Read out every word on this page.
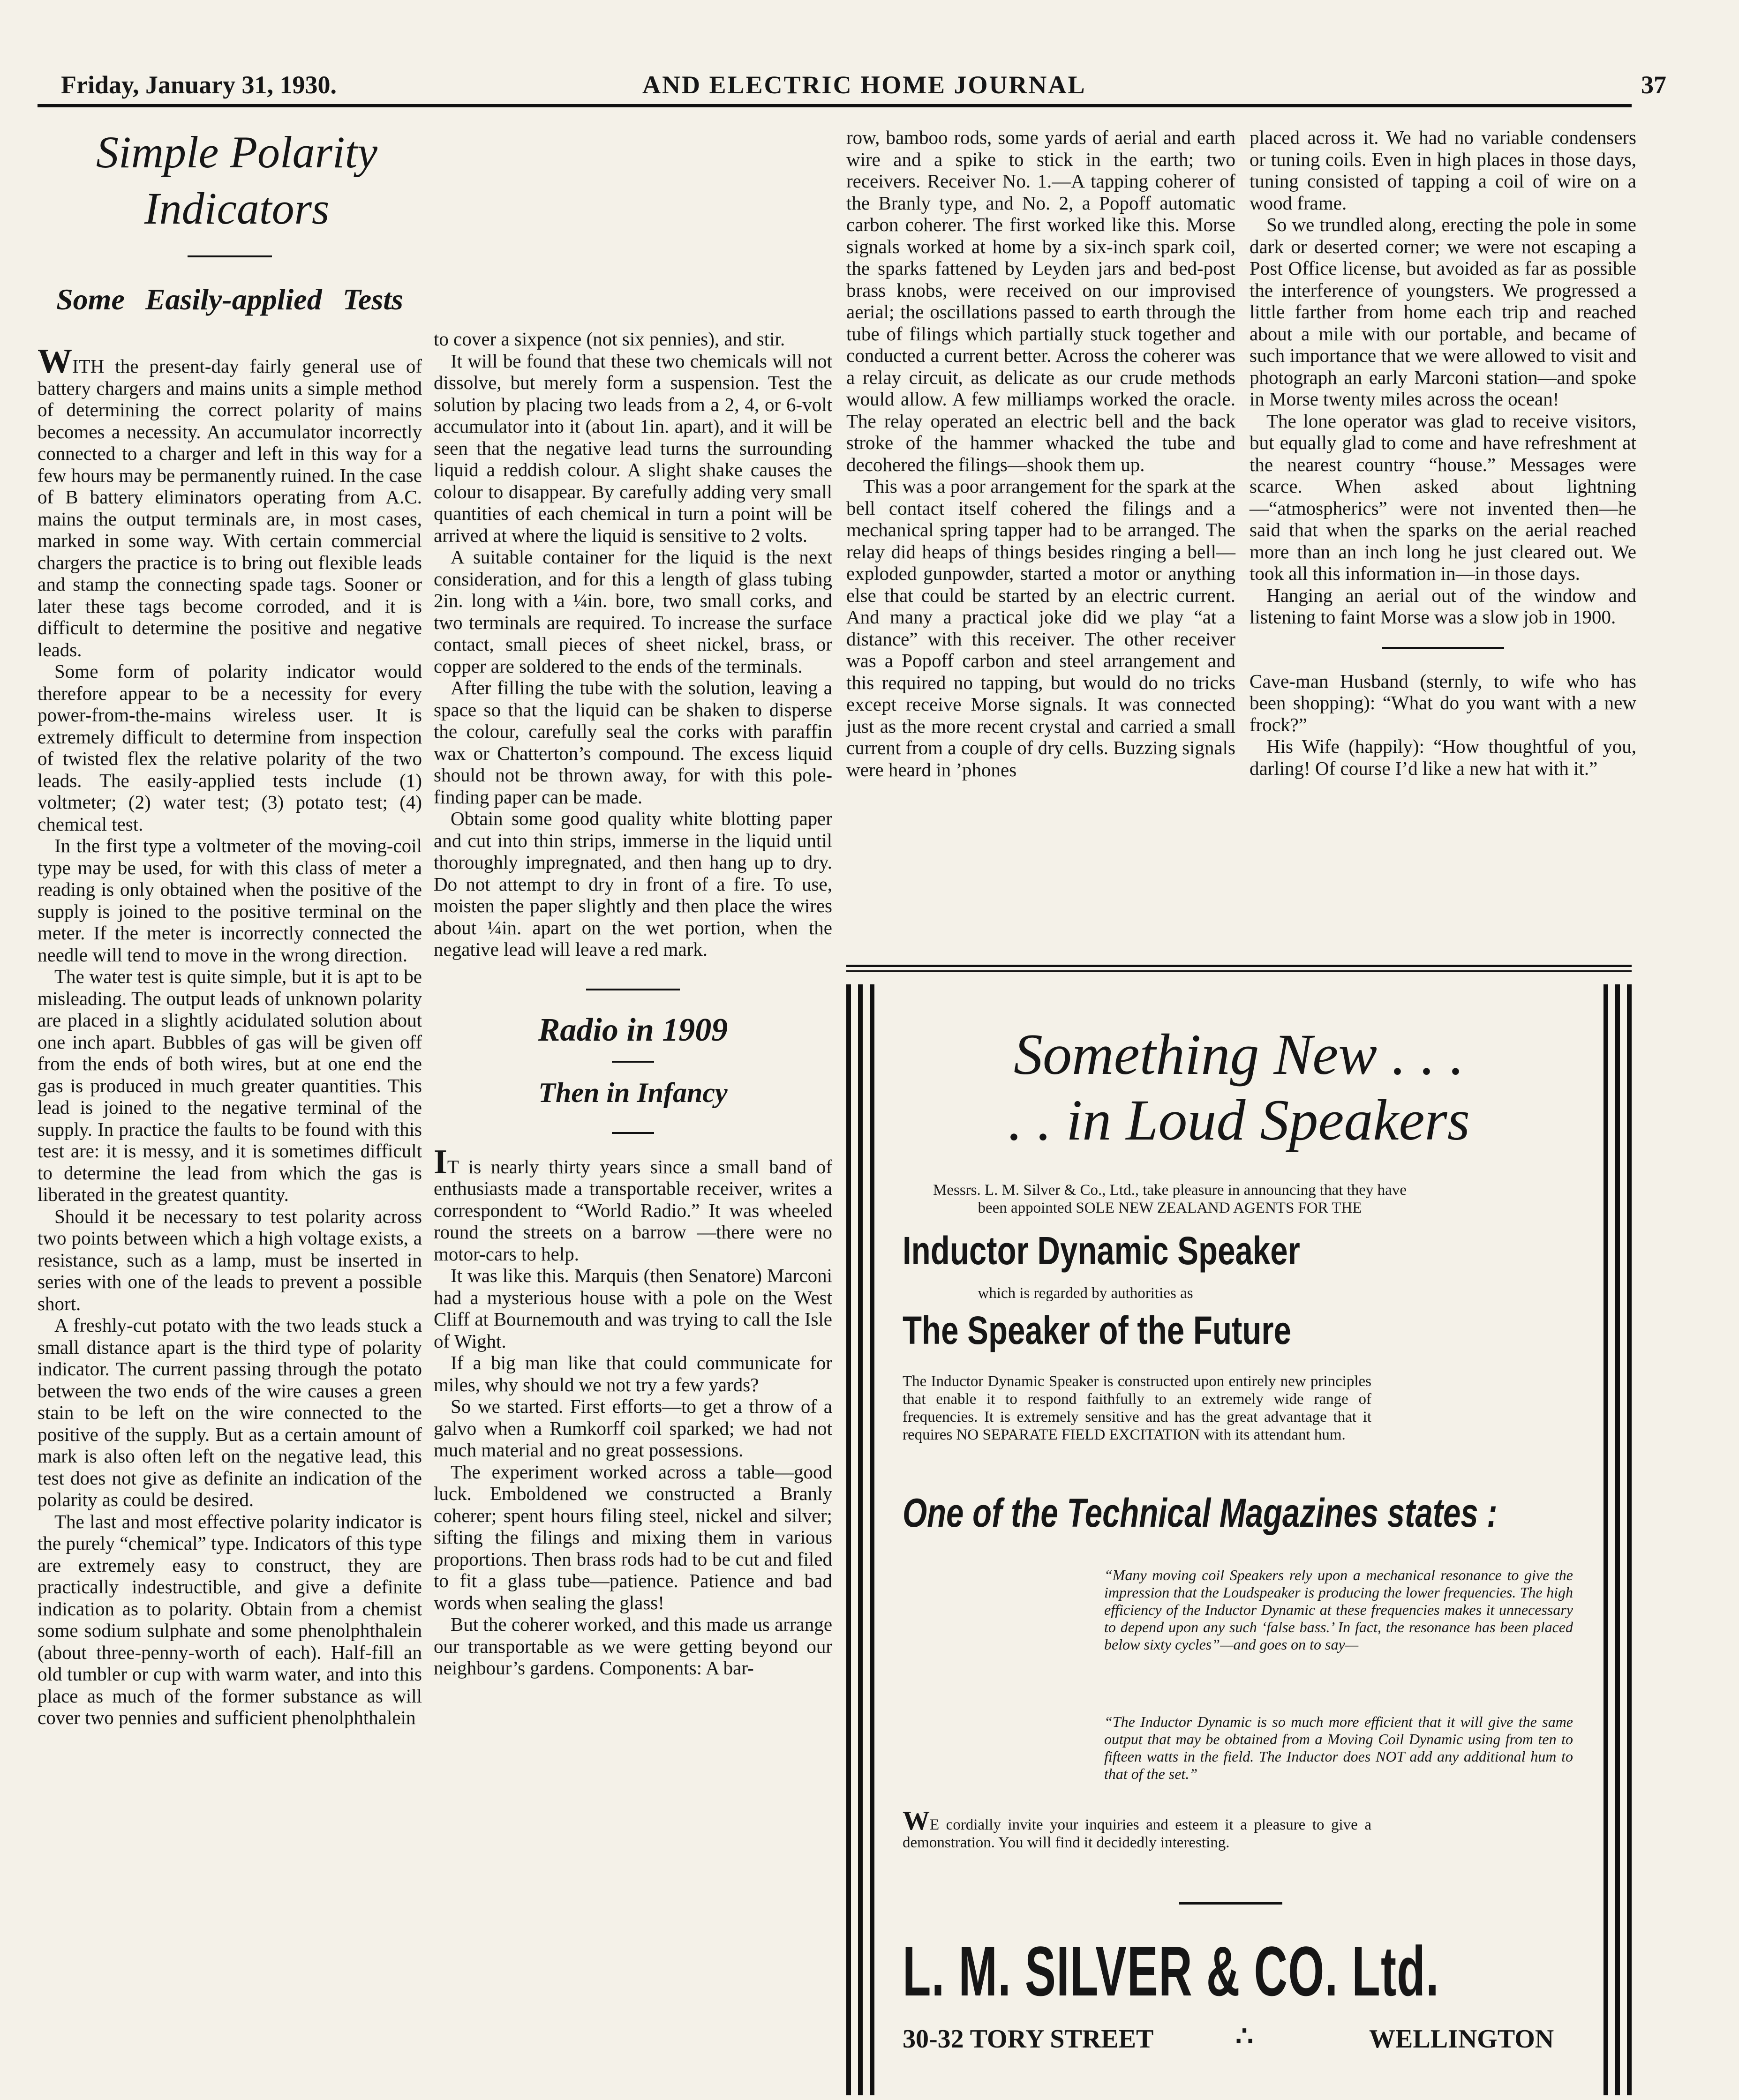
Friday, January 31, 1930.	AND ELECTRIC HOME JOURNAL	37
Simple Polarity Indicators
Some Easily-applied Tests

WITH the present-day fairly general use of battery chargers and mains units a simple method of determining the correct polarity of mains becomes a necessity. An accumulator incorrectly connected to a charger and left in this way for a few hours may be permanently ruined. In the case of B battery eliminators operating from A.C. mains the output terminals are, in most cases, marked in some way. With certain commercial chargers the practice is to bring out flexible leads and stamp the connecting spade tags. Sooner or later these tags become corroded, and it is difficult to determine the positive and negative leads.

Some form of polarity indicator would therefore appear to be a necessity for every power-from-the-mains wireless user. It is extremely difficult to determine from inspection of twisted flex the relative polarity of the two leads. The easily-applied tests include (1) voltmeter; (2) water test; (3) potato test; (4) chemical test.

In the first type a voltmeter of the moving-coil type may be used, for with this class of meter a reading is only obtained when the positive of the supply is joined to the positive terminal on the meter. If the meter is incorrectly connected the needle will tend to move in the wrong direction.

The water test is quite simple, but it is apt to be misleading. The output leads of unknown polarity are placed in a slightly acidulated solution about one inch apart. Bubbles of gas will be given off from the ends of both wires, but at one end the gas is produced in much greater quantities. This lead is joined to the negative terminal of the supply. In practice the faults to be found with this test are: it is messy, and it is sometimes difficult to determine the lead from which the gas is liberated in the greatest quantity.

Should it be necessary to test polarity across two points between which a high voltage exists, a resistance, such as a lamp, must be inserted in series with one of the leads to prevent a possible short.

A freshly-cut potato with the two leads stuck a small distance apart is the third type of polarity indicator. The current passing through the potato between the two ends of the wire causes a green stain to be left on the wire connected to the positive of the supply. But as a certain amount of mark is also often left on the negative lead, this test does not give as definite an indication of the polarity as could be desired.

The last and most effective polarity indicator is the purely “chemical” type. Indicators of this type are extremely easy to construct, they are practically indestructible, and give a definite indication as to polarity. Obtain from a chemist some sodium sulphate and some phenolphthalein (about three-penny-worth of each). Half-fill an old tumbler or cup with warm water, and into this place as much of the former substance as will cover two pennies and sufficient phenolphthalein

to cover a sixpence (not six pennies), and stir.

It will be found that these two chemicals will not dissolve, but merely form a suspension. Test the solution by placing two leads from a 2, 4, or 6-volt accumulator into it (about 1in. apart), and it will be seen that the negative lead turns the surrounding liquid a reddish colour. A slight shake causes the colour to disappear. By carefully adding very small quantities of each chemical in turn a point will be arrived at where the liquid is sensitive to 2 volts.

A suitable container for the liquid is the next consideration, and for this a length of glass tubing 2in. long with a ¼in. bore, two small corks, and two terminals are required. To increase the surface contact, small pieces of sheet nickel, brass, or copper are soldered to the ends of the terminals.

After filling the tube with the solution, leaving a space so that the liquid can be shaken to disperse the colour, carefully seal the corks with paraffin wax or Chatterton’s compound. The excess liquid should not be thrown away, for with this pole-finding paper can be made.

Obtain some good quality white blotting paper and cut into thin strips, immerse in the liquid until thoroughly impregnated, and then hang up to dry. Do not attempt to dry in front of a fire. To use, moisten the paper slightly and then place the wires about ¼in. apart on the wet portion, when the negative lead will leave a red mark.

Radio in 1909
Then in Infancy

IT is nearly thirty years since a small band of enthusiasts made a transportable receiver, writes a correspondent to “World Radio.” It was wheeled round the streets on a barrow —there were no motor-cars to help.

It was like this. Marquis (then Senatore) Marconi had a mysterious house with a pole on the West Cliff at Bournemouth and was trying to call the Isle of Wight.

If a big man like that could communicate for miles, why should we not try a few yards?

So we started. First efforts—to get a throw of a galvo when a Rumkorff coil sparked; we had not much material and no great possessions.

The experiment worked across a table—good luck. Emboldened we constructed a Branly coherer; spent hours filing steel, nickel and silver; sifting the filings and mixing them in various proportions. Then brass rods had to be cut and filed to fit a glass tube—patience. Patience and bad words when sealing the glass!

But the coherer worked, and this made us arrange our transportable as we were getting beyond our neighbour’s gardens. Components: A bar-

row, bamboo rods, some yards of aerial and earth wire and a spike to stick in the earth; two receivers. Receiver No. 1.—A tapping coherer of the Branly type, and No. 2, a Popoff automatic carbon coherer. The first worked like this. Morse signals worked at home by a six-inch spark coil, the sparks fattened by Leyden jars and bed-post brass knobs, were received on our improvised aerial; the oscillations passed to earth through the tube of filings which partially stuck together and conducted a current better. Across the coherer was a relay circuit, as delicate as our crude methods would allow. A few milliamps worked the oracle. The relay operated an electric bell and the back stroke of the hammer whacked the tube and decohered the filings—shook them up.

This was a poor arrangement for the spark at the bell contact itself cohered the filings and a mechanical spring tapper had to be arranged. The relay did heaps of things besides ringing a bell—exploded gunpowder, started a motor or anything else that could be started by an electric current. And many a practical joke did we play “at a distance” with this receiver. The other receiver was a Popoff carbon and steel arrangement and this required no tapping, but would do no tricks except receive Morse signals. It was connected just as the more recent crystal and carried a small current from a couple of dry cells. Buzzing signals were heard in ’phones

placed across it. We had no variable condensers or tuning coils. Even in high places in those days, tuning consisted of tapping a coil of wire on a wood frame.

So we trundled along, erecting the pole in some dark or deserted corner; we were not escaping a Post Office license, but avoided as far as possible the interference of youngsters. We progressed a little farther from home each trip and reached about a mile with our portable, and became of such importance that we were allowed to visit and photograph an early Marconi station—and spoke in Morse twenty miles across the ocean!

The lone operator was glad to receive visitors, but equally glad to come and have refreshment at the nearest country “house.” Messages were scarce. When asked about lightning—“atmospherics” were not invented then—he said that when the sparks on the aerial reached more than an inch long he just cleared out. We took all this information in—in those days.

Hanging an aerial out of the window and listening to faint Morse was a slow job in 1900.

Cave-man Husband (sternly, to wife who has been shopping): “What do you want with a new frock?”

His Wife (happily): “How thoughtful of you, darling! Of course I’d like a new hat with it.”

Something New . . .
. . in Loud Speakers

Messrs. L. M. Silver & Co., Ltd., take pleasure in announcing that they have been appointed SOLE NEW ZEALAND AGENTS FOR THE

Inductor Dynamic Speaker
which is regarded by authorities as
The Speaker of the Future

The Inductor Dynamic Speaker is constructed upon entirely new principles that enable it to respond faithfully to an extremely wide range of frequencies. It is extremely sensitive and has the great advantage that it requires NO SEPARATE FIELD EXCITATION with its attendant hum.

One of the Technical Magazines states :

“Many moving coil Speakers rely upon a mechanical resonance to give the impression that the Loudspeaker is producing the lower frequencies. The high efficiency of the Inductor Dynamic at these frequencies makes it unnecessary to depend upon any such ‘false bass.’ In fact, the resonance has been placed below sixty cycles”—and goes on to say—

“The Inductor Dynamic is so much more efficient that it will give the same output that may be obtained from a Moving Coil Dynamic using from ten to fifteen watts in the field. The Inductor does NOT add any additional hum to that of the set.”

WE cordially invite your inquiries and esteem it a pleasure to give a demonstration. You will find it decidedly interesting.

L. M. SILVER & CO. Ltd.
30-32 TORY STREET	∴	WELLINGTON
